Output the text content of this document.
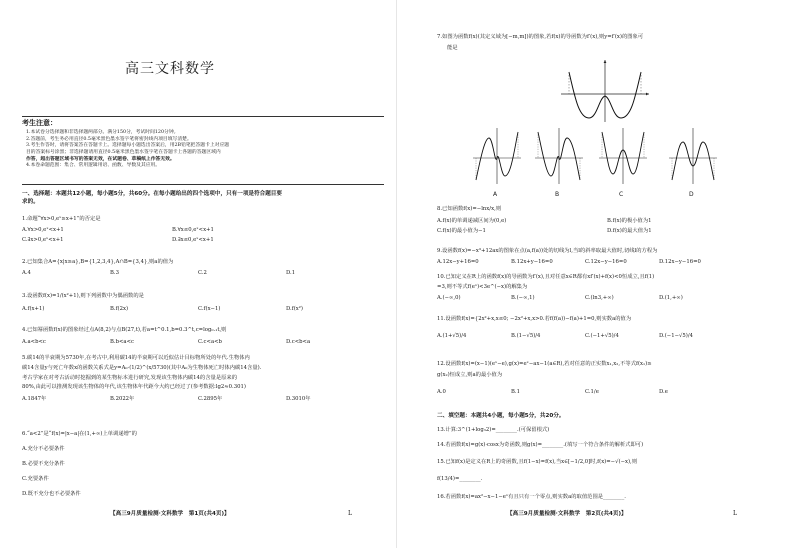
高三文科数学
考生注意：
1.本试卷分选择题和非选择题两部分。满分150分，考试时间120分钟。
2.答题前，考生务必用直径0.5毫米黑色墨水签字笔将密封线内项目填写清楚。
3.考生作答时，请将答案答在答题卡上。选择题每小题选出答案后，用2B铅笔把答题卡上对应题
目的答案标号涂黑；非选择题请用直径0.5毫米黑色墨水签字笔在答题卡上各题的答题区域内
作答，超出答题区域书写的答案无效，在试题卷、草稿纸上作答无效。
4.本卷命题范围：集合、常用逻辑用语、函数、导数及其应用。
一、选择题：本题共12小题，每小题5分，共60分。在每小题给出的四个选项中，只有一项是符合题目要
求的。
1.命题“∀x>0,eˣ≥x+1”的否定是
A.∀x>0,eˣ<x+1	B.∀x≤0,eˣ<x+1
C.∃x>0,eˣ<x+1	D.∃x≤0,eˣ<x+1
2.已知集合A={x|x≥a},B={1,2,3,4},A∩B={3,4},则a的值为
A.4	B.3	C.2	D.1
3.设函数f(x)=1/(x²+1),则下列函数中为偶函数的是
A.f(x+1)	B.f(2x)	C.f(x−1)	D.f(x²)
4.已知幂函数f(x)的图象经过点A(8,2)与点B(27,t),若a=t^0.1,b=0.3^t,c=log₀.₁t,则
A.a<b<c	B.b<a<c	C.c<a<b	D.c<b<a
5.碳14的半衰期为5730年,在考古中,利用碳14的半衰期可以近似估计目标物所处的年代.生物体内
碳14含量y与死亡年数x的函数关系式是y=A₀·(1/2)^(x/5730)(其中A₀为生物体死亡时体内碳14含量).
考古学家在对考古活动时挖掘到的某生物标本进行研究,发现该生物体内碳14的含量是原来的
80%,由此可以推测发现该生物体的年代,该生物体年代距今大约已经过了(参考数据:lg2≈0.301)
A.1847年	B.2022年	C.2895年	D.3010年
6.“a<2”是“f(x)=|x−a|在(1,+∞)上单调递增”的
A.充分不必要条件
B.必要不充分条件
C.充要条件
D.既不充分也不必要条件
【高三9月质量检测·文科数学　第1页(共4页)】	L
7.如图为函数f(x)(其定义域为[−m,m])的图象,若f(x)的导函数为f′(x),则y=f′(x)的图象可
能是
A	B	C	D
8.已知函数f(x)=−lnx/x,则
A.f(x)的单调递减区间为(0,e)	B.f(x)的极小值为1
C.f(x)的最小值为−1	D.f(x)的最大值为1
9.设函数f(x)=−x³+12ax的图象在点(a,f(a))处的切线为l,当l的斜率取最大值时,切线l的方程为
A.12x−y+16=0	B.12x+y−16=0	C.12x−y−16=0	D.12x−y−16=0
10.已知定义在R上的函数f(x)的导函数为f′(x),且对任意x∈R都有xf′(x)+f(x)<0恒成立,且f(1)
=3,则不等式f(eˣ)<3e^(−x)的解集为
A.(−∞,0)	B.(−∞,1)	C.(ln3,+∞)	D.(1,+∞)
11.设函数f(x)={2x²+x,x≤0; −2x²+x,x>0.若f(f(a))−f(a)+1=0,则实数a的值为
A.(1+√5)/4	B.(1−√5)/4	C.(−1+√5)/4	D.(−1−√5)/4
12.设函数f(x)=(x−1)(eˣ−e),g(x)=eˣ−ax−1(a∈R),若对任意的正实数x₁,x₂,不等式f(x₁)≥
g(x₂)恒成立,则a的最小值为
A.0	B.1	C.1/e	D.e
二、填空题：本题共4小题，每小题5分，共20分。
13.计算:3^(1+log₃2)=________.(可保留根式)
14.若函数f(x)=g(x)·cosx为奇函数,则g(x)=________.(填写一个符合条件的解析式即可)
15.已知f(x)是定义在R上的奇函数,且f(1−x)=f(x),当x∈[−1/2,0]时,f(x)=−√(−x),则
f(13/4)=________.
16.若函数f(x)=ax²−x−1−eˣ有且只有一个零点,则实数a的取值范围是________.
【高三9月质量检测·文科数学　第2页(共4页)】	L
